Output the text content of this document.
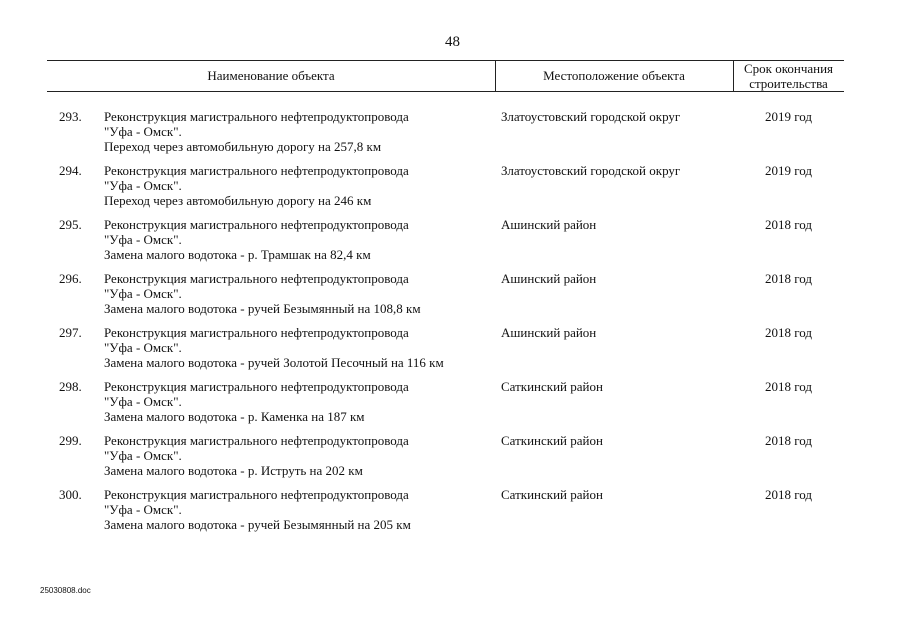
48
Наименование объекта	Местоположение объекта	Срок окончания строительства
293. Реконструкция магистрального нефтепродуктопровода
"Уфа - Омск".
Переход через автомобильную дорогу на 257,8 км
Златоустовский городской округ	2019 год
294. Реконструкция магистрального нефтепродуктопровода
"Уфа - Омск".
Переход через автомобильную дорогу на 246 км
Златоустовский городской округ	2019 год
295. Реконструкция магистрального нефтепродуктопровода
"Уфа - Омск".
Замена малого водотока - р. Трамшак на 82,4 км
Ашинский район	2018 год
296. Реконструкция магистрального нефтепродуктопровода
"Уфа - Омск".
Замена малого водотока - ручей Безымянный на 108,8 км
Ашинский район	2018 год
297. Реконструкция магистрального нефтепродуктопровода
"Уфа - Омск".
Замена малого водотока - ручей Золотой Песочный на 116 км
Ашинский район	2018 год
298. Реконструкция магистрального нефтепродуктопровода
"Уфа - Омск".
Замена малого водотока - р. Каменка на 187 км
Саткинский район	2018 год
299. Реконструкция магистрального нефтепродуктопровода
"Уфа - Омск".
Замена малого водотока - р. Иструть на 202 км
Саткинский район	2018 год
300. Реконструкция магистрального нефтепродуктопровода
"Уфа - Омск".
Замена малого водотока - ручей Безымянный на 205 км
Саткинский район	2018 год
25030808.doc
